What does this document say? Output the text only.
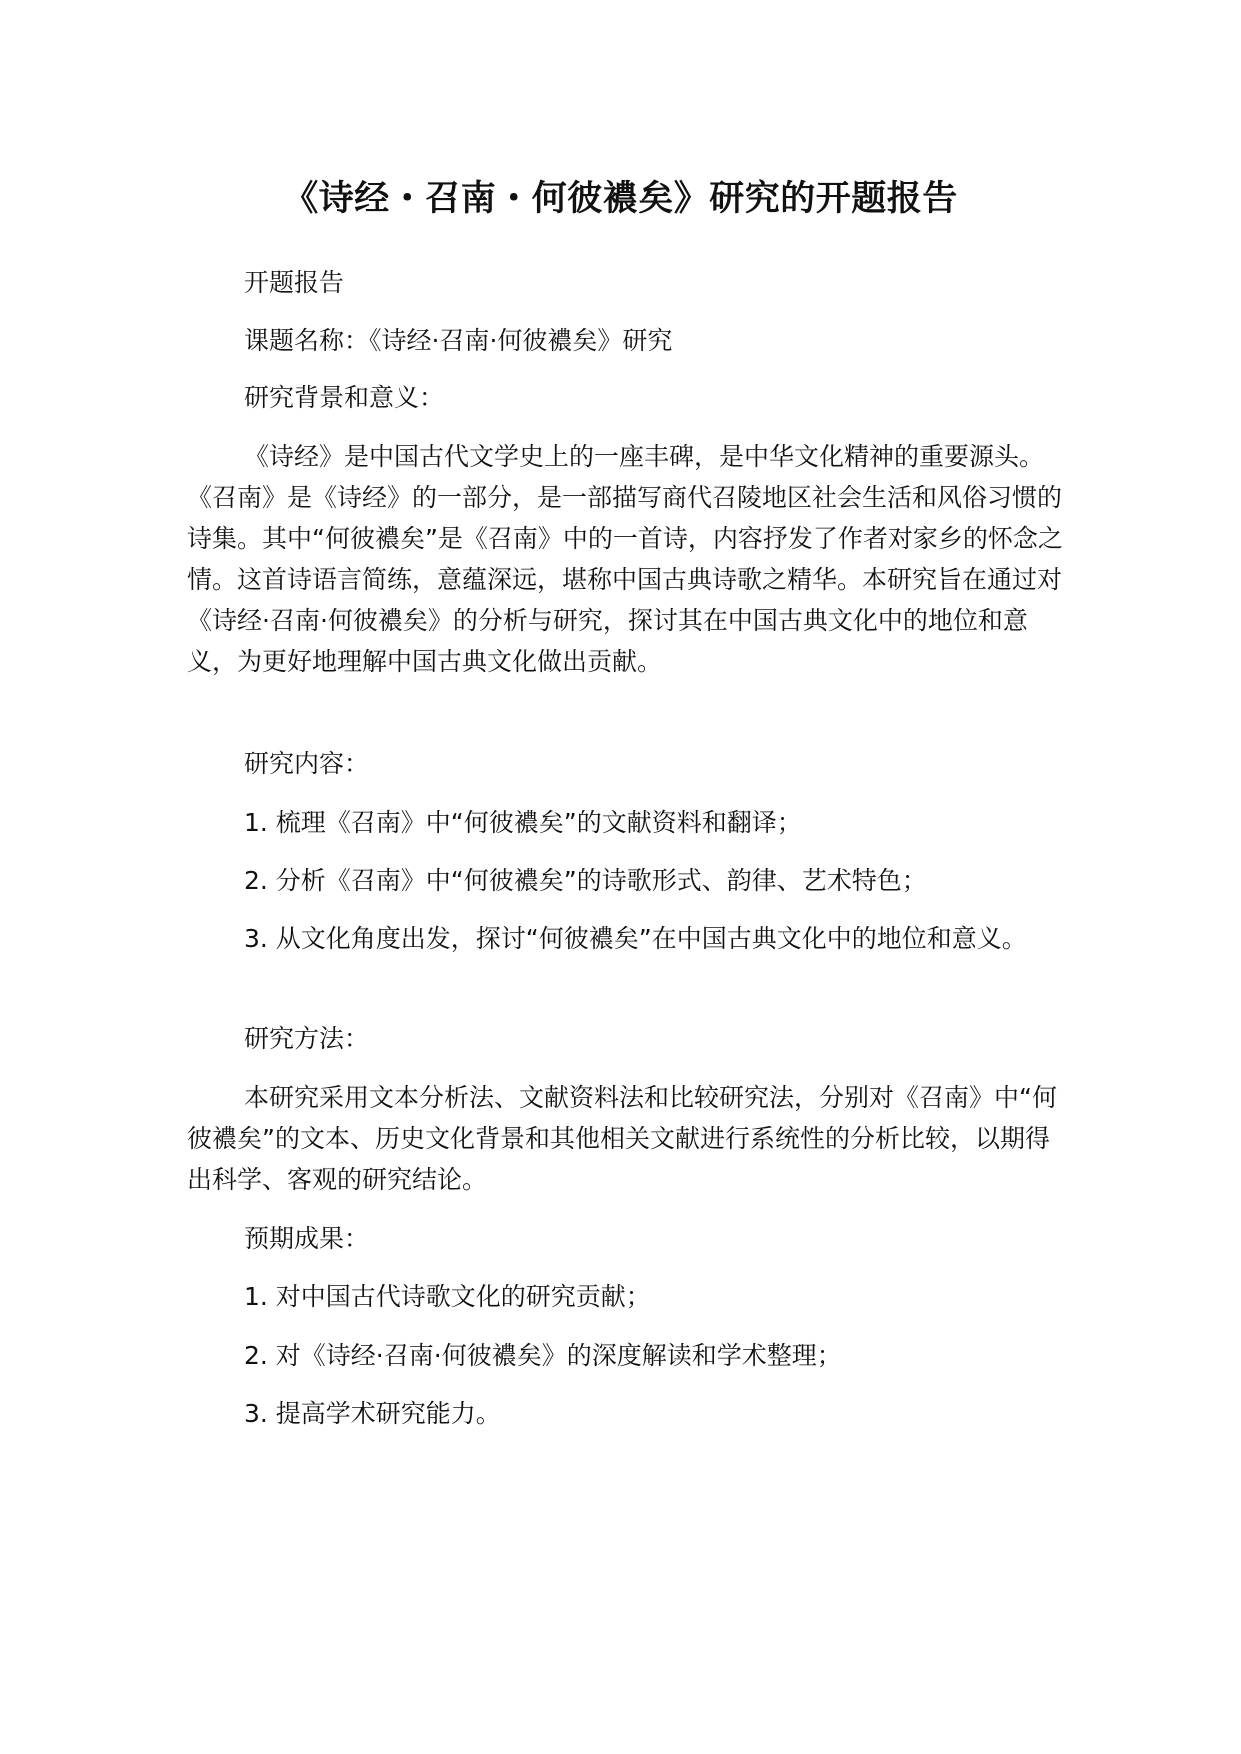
《诗经・召南・何彼襛矣》研究的开题报告

开题报告

课题名称：《诗经·召南·何彼襛矣》研究

研究背景和意义：

《诗经》是中国古代文学史上的一座丰碑，是中华文化精神的重要源头。《召南》是《诗经》的一部分，是一部描写商代召陵地区社会生活和风俗习惯的诗集。其中“何彼襛矣”是《召南》中的一首诗，内容抒发了作者对家乡的怀念之情。这首诗语言简练，意蕴深远，堪称中国古典诗歌之精华。本研究旨在通过对《诗经·召南·何彼襛矣》的分析与研究，探讨其在中国古典文化中的地位和意义，为更好地理解中国古典文化做出贡献。

研究内容：

1. 梳理《召南》中“何彼襛矣”的文献资料和翻译；

2. 分析《召南》中“何彼襛矣”的诗歌形式、韵律、艺术特色；

3. 从文化角度出发，探讨“何彼襛矣”在中国古典文化中的地位和意义。

研究方法：

本研究采用文本分析法、文献资料法和比较研究法，分别对《召南》中“何彼襛矣”的文本、历史文化背景和其他相关文献进行系统性的分析比较，以期得出科学、客观的研究结论。

预期成果：

1. 对中国古代诗歌文化的研究贡献；

2. 对《诗经·召南·何彼襛矣》的深度解读和学术整理；

3. 提高学术研究能力。
